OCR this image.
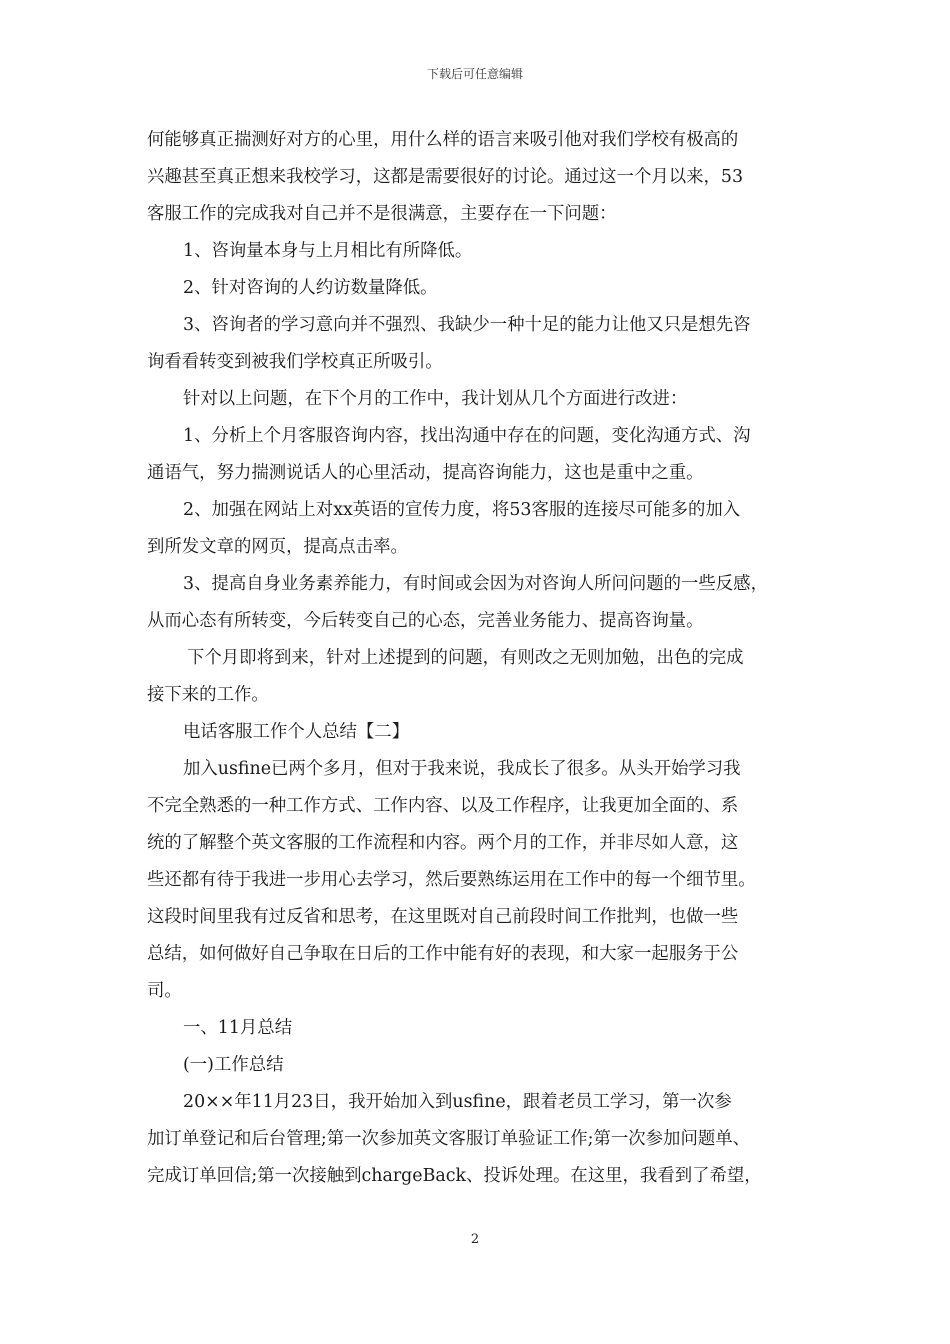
下载后可任意编辑
何能够真正揣测好对方的心里，用什么样的语言来吸引他对我们学校有极高的
兴趣甚至真正想来我校学习，这都是需要很好的讨论。通过这一个月以来，53
客服工作的完成我对自己并不是很满意，主要存在一下问题：
1、咨询量本身与上月相比有所降低。
2、针对咨询的人约访数量降低。
3、咨询者的学习意向并不强烈、我缺少一种十足的能力让他又只是想先咨
询看看转变到被我们学校真正所吸引。
针对以上问题，在下个月的工作中，我计划从几个方面进行改进：
1、分析上个月客服咨询内容，找出沟通中存在的问题，变化沟通方式、沟
通语气，努力揣测说话人的心里活动，提高咨询能力，这也是重中之重。
2、加强在网站上对xx英语的宣传力度，将53客服的连接尽可能多的加入
到所发文章的网页，提高点击率。
3、提高自身业务素养能力，有时间或会因为对咨询人所问问题的一些反感，
从而心态有所转变，今后转变自己的心态，完善业务能力、提高咨询量。
下个月即将到来，针对上述提到的问题，有则改之无则加勉，出色的完成
接下来的工作。
电话客服工作个人总结【二】
加入usfine已两个多月，但对于我来说，我成长了很多。从头开始学习我
不完全熟悉的一种工作方式、工作内容、以及工作程序，让我更加全面的、系
统的了解整个英文客服的工作流程和内容。两个月的工作，并非尽如人意，这
些还都有待于我进一步用心去学习，然后要熟练运用在工作中的每一个细节里。
这段时间里我有过反省和思考，在这里既对自己前段时间工作批判，也做一些
总结，如何做好自己争取在日后的工作中能有好的表现，和大家一起服务于公
司。
一、11月总结
(一)工作总结
20××年11月23日，我开始加入到usfine，跟着老员工学习，第一次参
加订单登记和后台管理;第一次参加英文客服订单验证工作;第一次参加问题单、
完成订单回信;第一次接触到chargeBack、投诉处理。在这里，我看到了希望，
2
